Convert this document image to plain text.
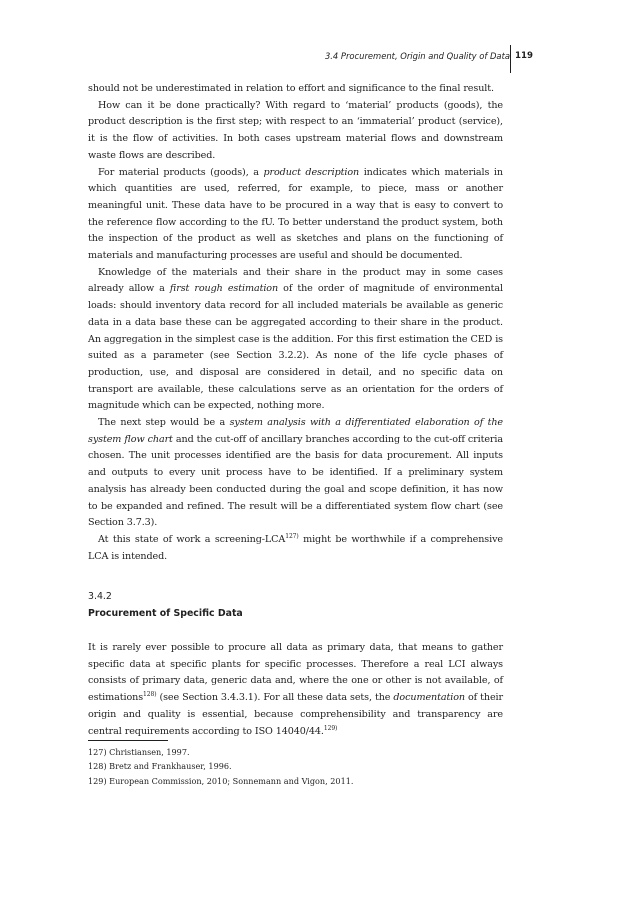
3.4 Procurement, Origin and Quality of Data 119

should not be underestimated in relation to effort and significance to the final result.

How can it be done practically? With regard to ‘material’ products (goods), the product description is the first step; with respect to an ‘immaterial’ product (service), it is the flow of activities. In both cases upstream material flows and downstream waste flows are described.

For material products (goods), a product description indicates which materials in which quantities are used, referred, for example, to piece, mass or another meaningful unit. These data have to be procured in a way that is easy to convert to the reference flow according to the fU. To better understand the product system, both the inspection of the product as well as sketches and plans on the functioning of materials and manufacturing processes are useful and should be documented.

Knowledge of the materials and their share in the product may in some cases already allow a first rough estimation of the order of magnitude of environmental loads: should inventory data record for all included materials be available as generic data in a data base these can be aggregated according to their share in the product. An aggregation in the simplest case is the addition. For this first estimation the CED is suited as a parameter (see Section 3.2.2). As none of the life cycle phases of production, use, and disposal are considered in detail, and no specific data on transport are available, these calculations serve as an orientation for the orders of magnitude which can be expected, nothing more.

The next step would be a system analysis with a differentiated elaboration of the system flow chart and the cut-off of ancillary branches according to the cut-off criteria chosen. The unit processes identified are the basis for data procurement. All inputs and outputs to every unit process have to be identified. If a preliminary system analysis has already been conducted during the goal and scope definition, it has now to be expanded and refined. The result will be a differentiated system flow chart (see Section 3.7.3).

At this state of work a screening-LCA$^{127)}$ might be worthwhile if a comprehensive LCA is intended.

3.4.2
Procurement of Specific Data

It is rarely ever possible to procure all data as primary data, that means to gather specific data at specific plants for specific processes. Therefore a real LCI always consists of primary data, generic data and, where the one or other is not available, of estimations$^{128)}$ (see Section 3.4.3.1). For all these data sets, the documentation of their origin and quality is essential, because comprehensibility and transparency are central requirements according to ISO 14040/44.$^{129)}$

127) Christiansen, 1997.
128) Bretz and Frankhauser, 1996.
129) European Commission, 2010; Sonnemann and Vigon, 2011.
